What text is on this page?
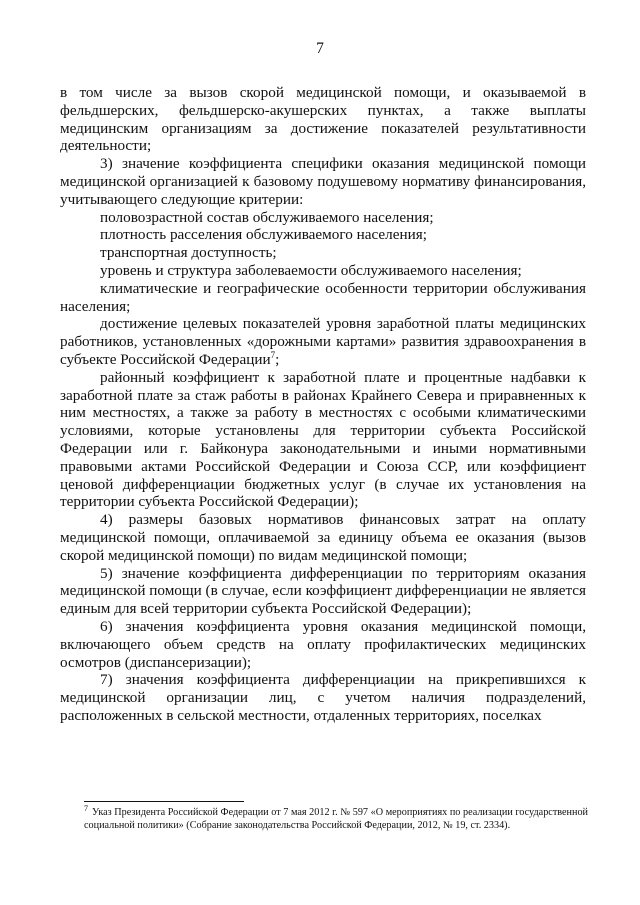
7

в том числе за вызов скорой медицинской помощи, и оказываемой в фельдшерских, фельдшерско-акушерских пунктах, а также выплаты медицинским организациям за достижение показателей результативности деятельности;

3) значение коэффициента специфики оказания медицинской помощи медицинской организацией к базовому подушевому нормативу финансирования, учитывающего следующие критерии:

половозрастной состав обслуживаемого населения;

плотность расселения обслуживаемого населения;

транспортная доступность;

уровень и структура заболеваемости обслуживаемого населения;

климатические и географические особенности территории обслуживания населения;

достижение целевых показателей уровня заработной платы медицинских работников, установленных «дорожными картами» развития здравоохранения в субъекте Российской Федерации$^7$;

районный коэффициент к заработной плате и процентные надбавки к заработной плате за стаж работы в районах Крайнего Севера и приравненных к ним местностях, а также за работу в местностях с особыми климатическими условиями, которые установлены для территории субъекта Российской Федерации или г. Байконура законодательными и иными нормативными правовыми актами Российской Федерации и Союза ССР, или коэффициент ценовой дифференциации бюджетных услуг (в случае их установления на территории субъекта Российской Федерации);

4) размеры базовых нормативов финансовых затрат на оплату медицинской помощи, оплачиваемой за единицу объема ее оказания (вызов скорой медицинской помощи) по видам медицинской помощи;

5) значение коэффициента дифференциации по территориям оказания медицинской помощи (в случае, если коэффициент дифференциации не является единым для всей территории субъекта Российской Федерации);

6) значения коэффициента уровня оказания медицинской помощи, включающего объем средств на оплату профилактических медицинских осмотров (диспансеризации);

7) значения коэффициента дифференциации на прикрепившихся к медицинской организации лиц, с учетом наличия подразделений, расположенных в сельской местности, отдаленных территориях, поселках

$^7$ Указ Президента Российской Федерации от 7 мая 2012 г. № 597 «О мероприятиях по реализации государственной социальной политики» (Собрание законодательства Российской Федерации, 2012, № 19, ст. 2334).
